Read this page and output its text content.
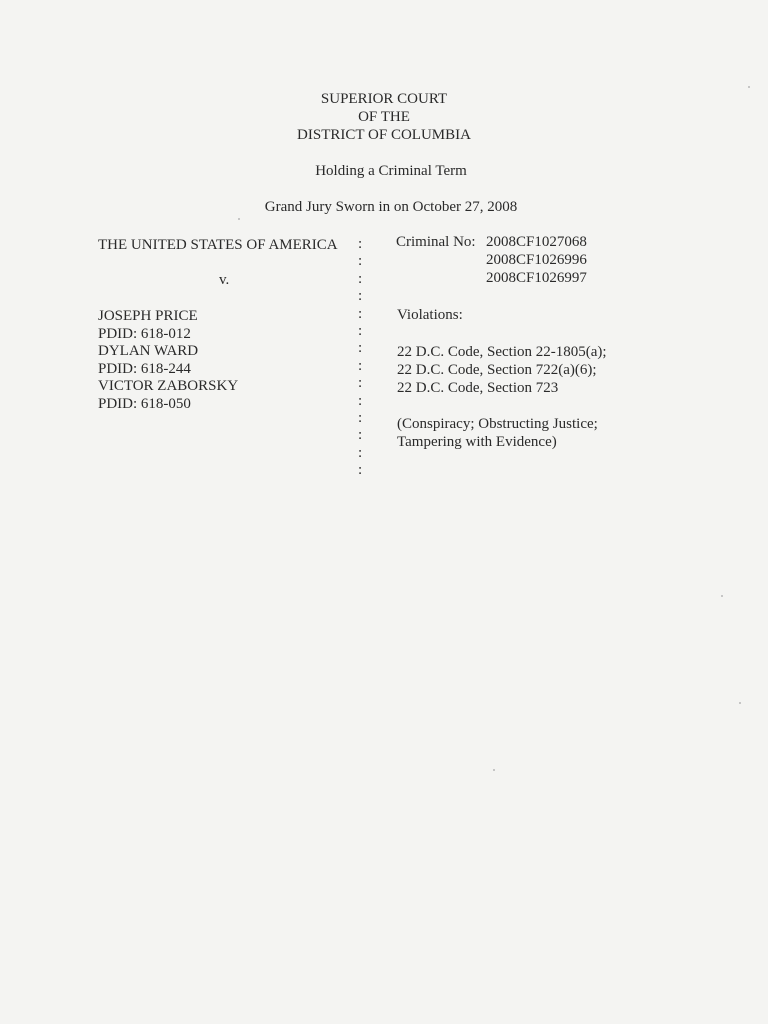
SUPERIOR COURT
OF THE
DISTRICT OF COLUMBIA
Holding a Criminal Term
Grand Jury Sworn in on October 27, 2008
THE UNITED STATES OF AMERICA
v.
JOSEPH PRICE
PDID: 618-012
DYLAN WARD
PDID: 618-244
VICTOR ZABORSKY
PDID: 618-050
:
:
:
:
:
:
:
:
:
:
:
:
:
:
Criminal No: 2008CF1027068
2008CF1026996
2008CF1026997
Violations:
22 D.C. Code, Section 22-1805(a);
22 D.C. Code, Section 722(a)(6);
22 D.C. Code, Section 723
(Conspiracy; Obstructing Justice;
Tampering with Evidence)
